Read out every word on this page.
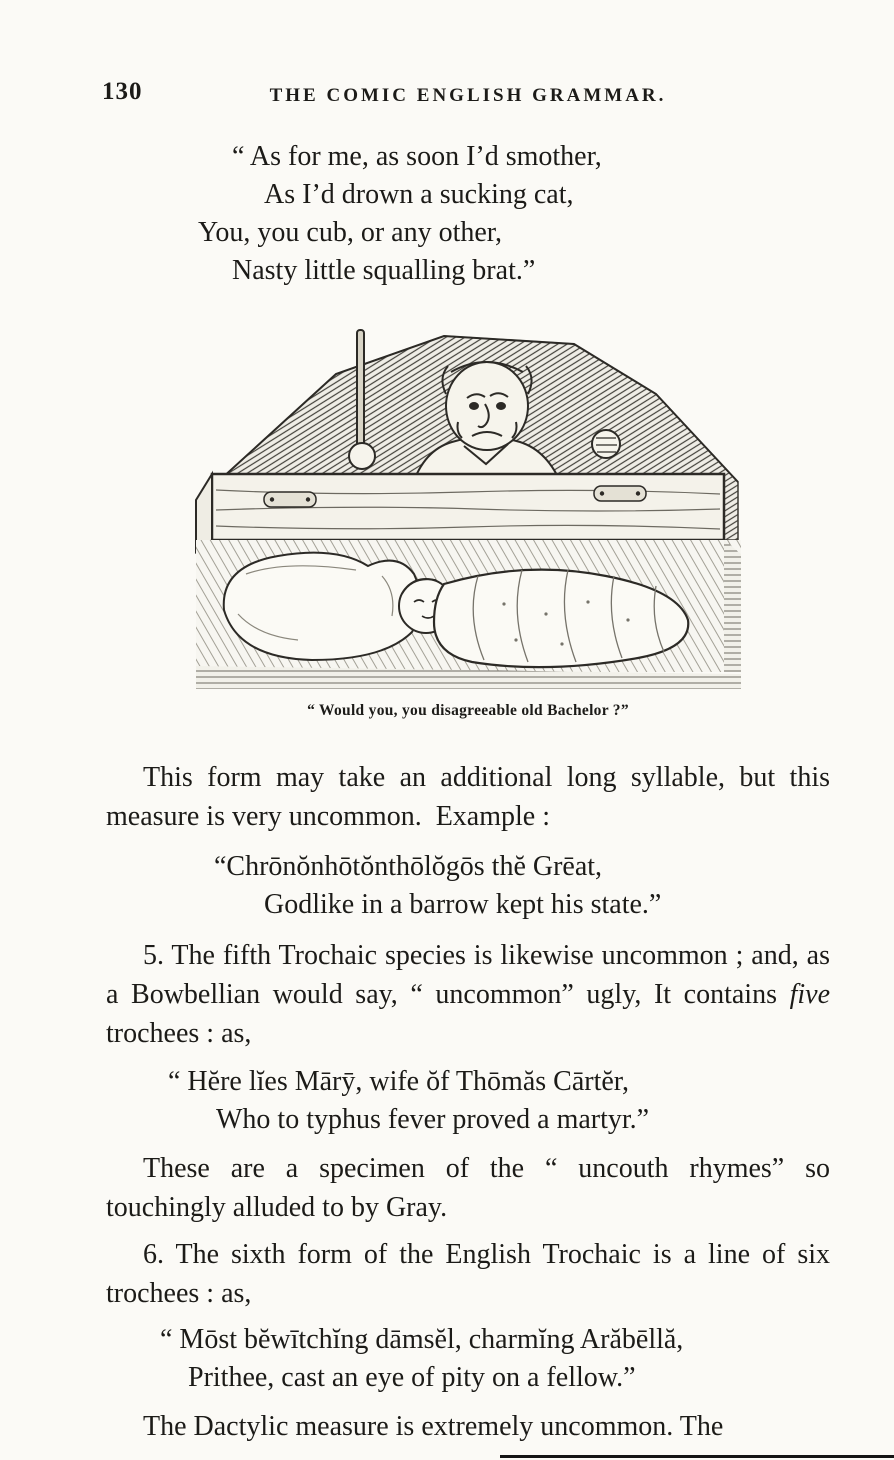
130	THE COMIC ENGLISH GRAMMAR.
“ As for me, as soon I’d smother,
As I’d drown a sucking cat,
You, you cub, or any other,
Nasty little squalling brat.”
“ Would you, you disagreeable old Bachelor ?”

This form may take an additional long syllable, but this measure is very uncommon. Example :

“Chrōnŏnhōtŏnthōlŏgōs thĕ Grēat,
Godlike in a barrow kept his state.”

5. The fifth Trochaic species is likewise uncommon ; and, as a Bowbellian would say, “ uncommon” ugly, It contains five trochees : as,

“ Hĕre lĭes Mārȳ, wife ŏf Thōmăs Cārtĕr,
Who to typhus fever proved a martyr.”

These are a specimen of the “ uncouth rhymes” so touchingly alluded to by Gray.

6. The sixth form of the English Trochaic is a line of six trochees : as,

“ Mōst bĕwītchĭng dāmsĕl, charmĭng Arăbēllă,
Prithee, cast an eye of pity on a fellow.”

The Dactylic measure is extremely uncommon. The
